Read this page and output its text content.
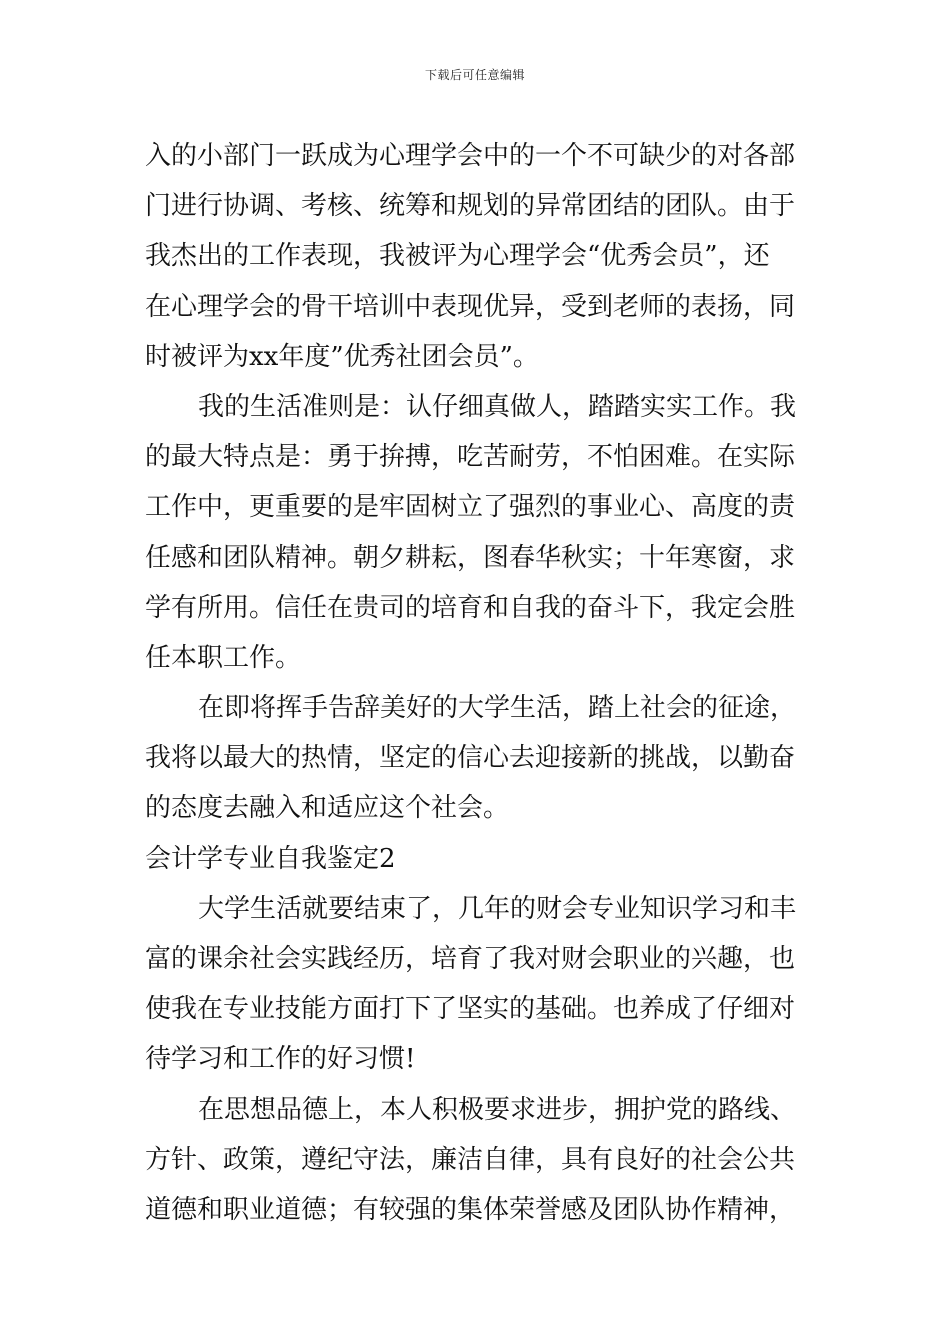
下载后可任意编辑
入的小部门一跃成为心理学会中的一个不可缺少的对各部
门进行协调、考核、统筹和规划的异常团结的团队。由于
我杰出的工作表现，我被评为心理学会“优秀会员”，还
在心理学会的骨干培训中表现优异，受到老师的表扬，同
时被评为xx年度”优秀社团会员”。
我的生活准则是：认仔细真做人，踏踏实实工作。我
的最大特点是：勇于拚搏，吃苦耐劳，不怕困难。在实际
工作中，更重要的是牢固树立了强烈的事业心、高度的责
任感和团队精神。朝夕耕耘，图春华秋实；十年寒窗，求
学有所用。信任在贵司的培育和自我的奋斗下，我定会胜
任本职工作。
在即将挥手告辞美好的大学生活，踏上社会的征途，
我将以最大的热情，坚定的信心去迎接新的挑战，以勤奋
的态度去融入和适应这个社会。
会计学专业自我鉴定2
大学生活就要结束了，几年的财会专业知识学习和丰
富的课余社会实践经历，培育了我对财会职业的兴趣，也
使我在专业技能方面打下了坚实的基础。也养成了仔细对
待学习和工作的好习惯!
在思想品德上，本人积极要求进步，拥护党的路线、
方针、政策，遵纪守法，廉洁自律，具有良好的社会公共
道德和职业道德；有较强的集体荣誉感及团队协作精神，
